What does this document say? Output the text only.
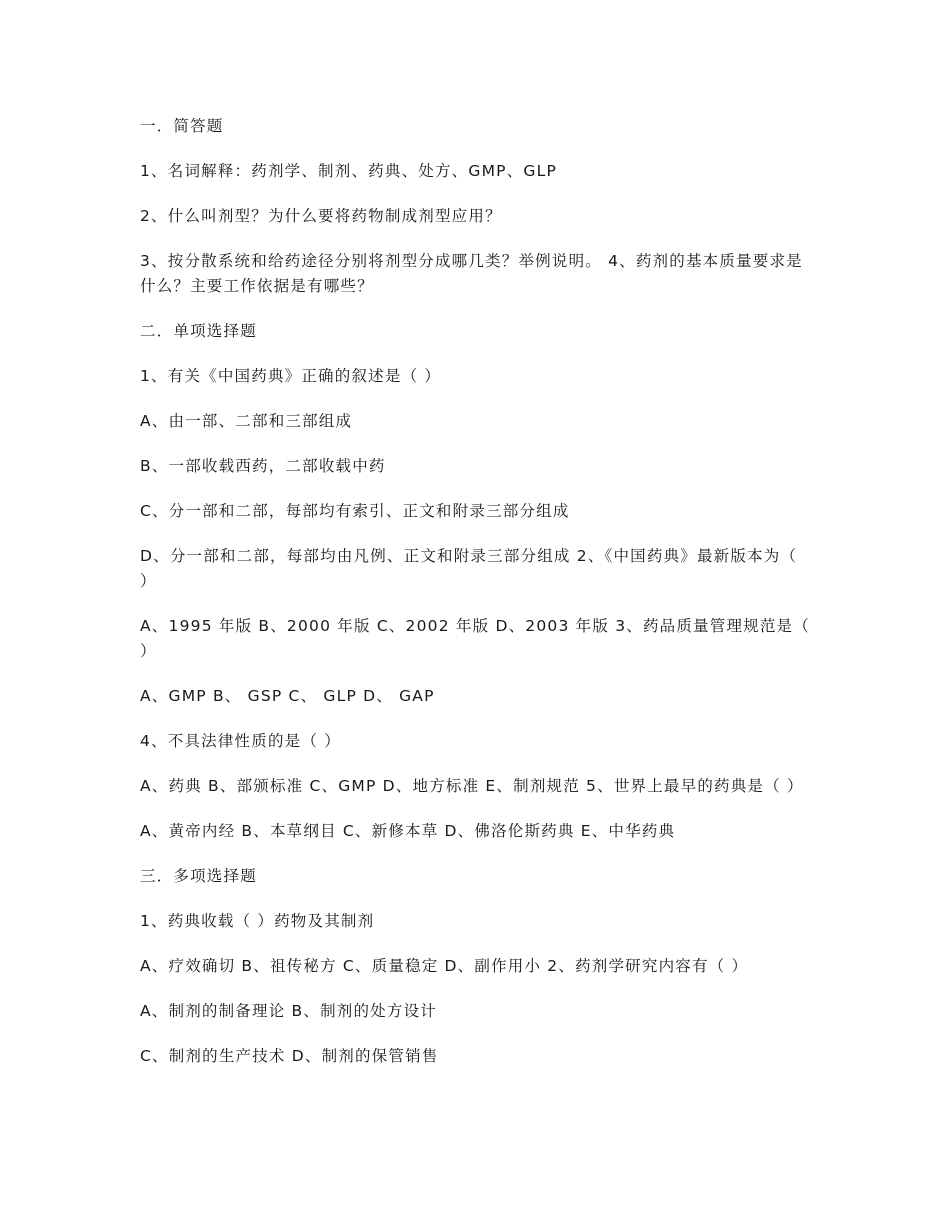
一．简答题

1、名词解释：药剂学、制剂、药典、处方、GMP、GLP

2、什么叫剂型？为什么要将药物制成剂型应用？

3、按分散系统和给药途径分别将剂型分成哪几类？举例说明。 4、药剂的基本质量要求是什么？主要工作依据是有哪些？

二．单项选择题

1、有关《中国药典》正确的叙述是（ ）

A、由一部、二部和三部组成

B、一部收载西药，二部收载中药

C、分一部和二部，每部均有索引、正文和附录三部分组成

D、分一部和二部，每部均由凡例、正文和附录三部分组成 2、《中国药典》最新版本为（ ）

A、1995 年版 B、2000 年版 C、2002 年版 D、2003 年版 3、药品质量管理规范是（ ）

A、GMP B、 GSP C、 GLP D、 GAP

4、不具法律性质的是（ ）

A、药典 B、部颁标准 C、GMP D、地方标准 E、制剂规范 5、世界上最早的药典是（ ）

A、黄帝内经 B、本草纲目 C、新修本草 D、佛洛伦斯药典 E、中华药典

三．多项选择题

1、药典收载（ ）药物及其制剂

A、疗效确切 B、祖传秘方 C、质量稳定 D、副作用小 2、药剂学研究内容有（ ）

A、制剂的制备理论 B、制剂的处方设计

C、制剂的生产技术 D、制剂的保管销售
